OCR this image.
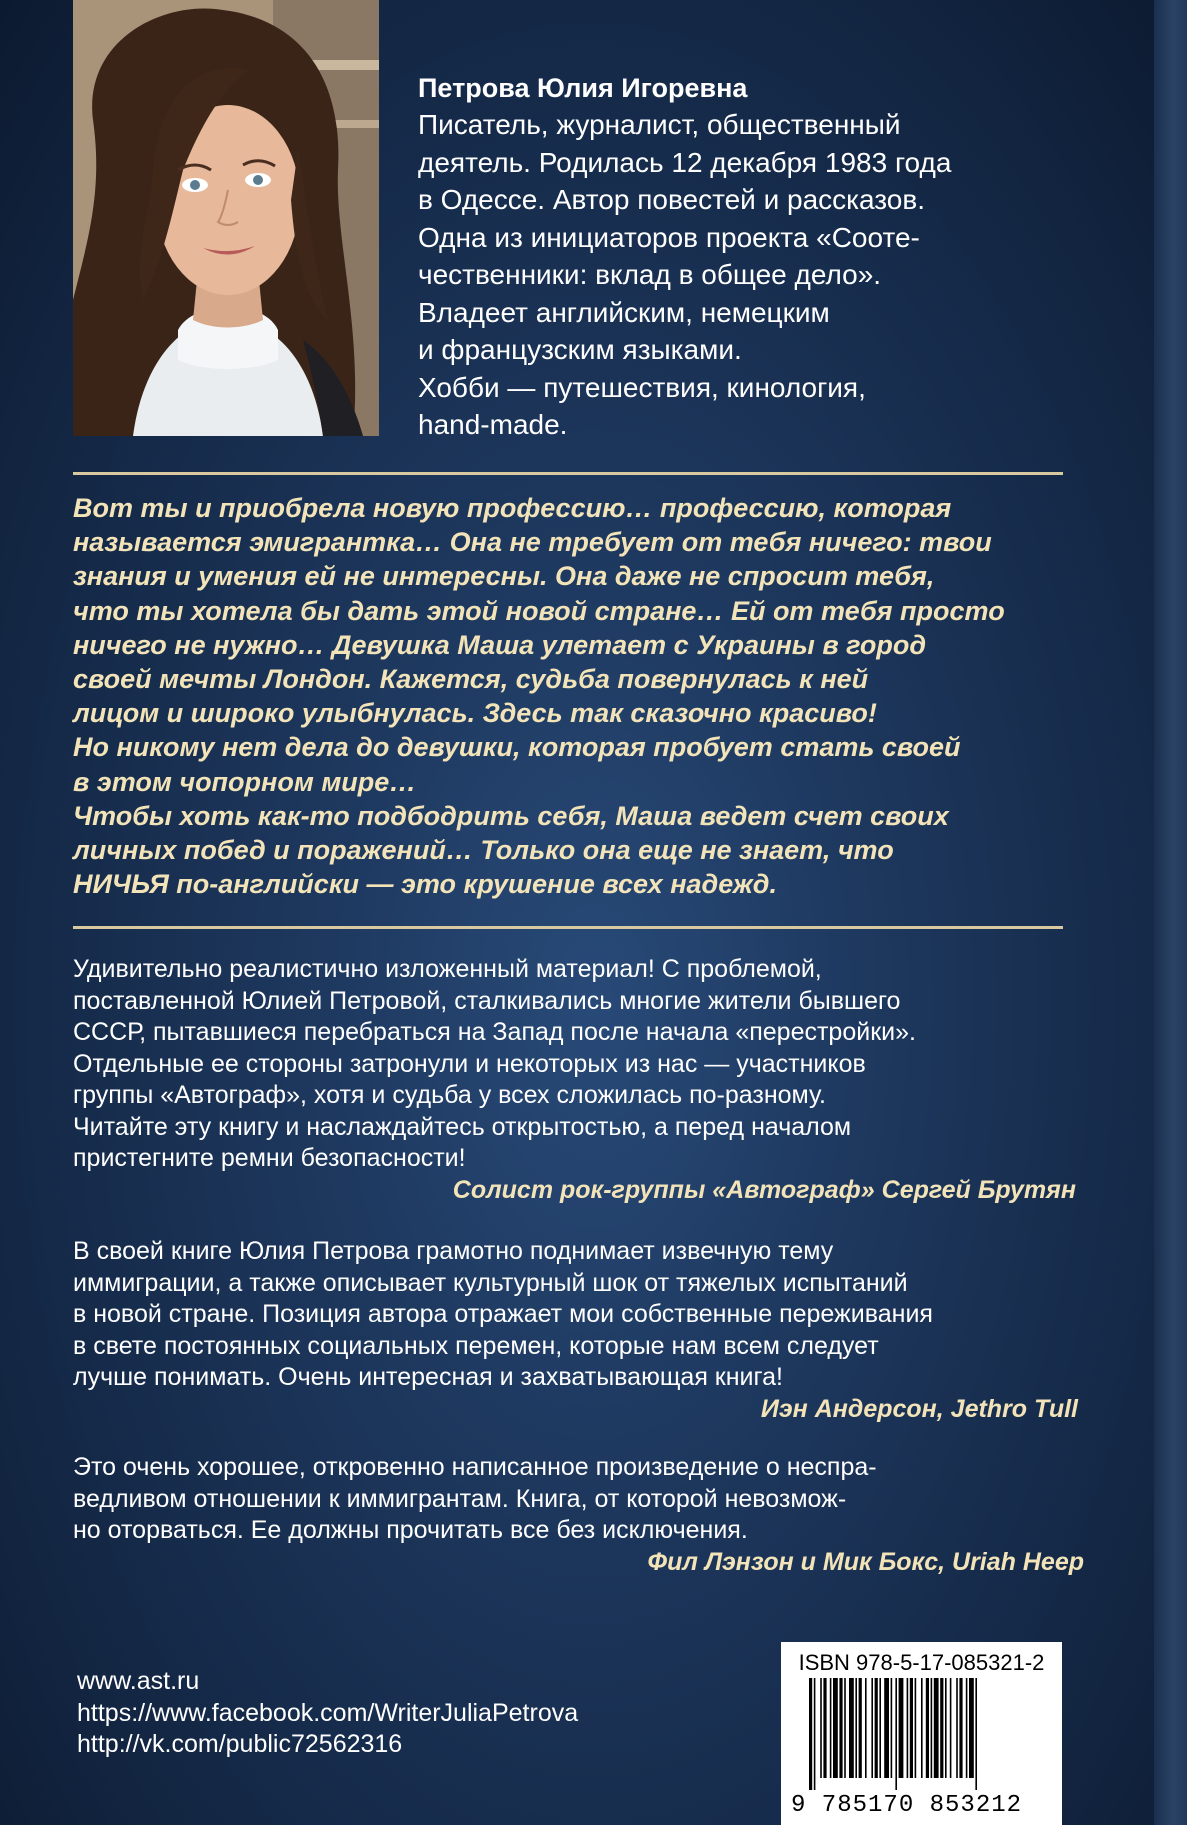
Петрова Юлия Игоревна

Писатель, журналист, общественный
деятель. Родилась 12 декабря 1983 года
в Одессе. Автор повестей и рассказов.
Одна из инициаторов проекта «Сооте-
чественники: вклад в общее дело».
Владеет английским, немецким
и французским языками.
Хобби — путешествия, кинология,
hand-made.

Вот ты и приобрела новую профессию… профессию, которая
называется эмигрантка… Она не требует от тебя ничего: твои
знания и умения ей не интересны. Она даже не спросит тебя,
что ты хотела бы дать этой новой стране… Ей от тебя просто
ничего не нужно… Девушка Маша улетает с Украины в город
своей мечты Лондон. Кажется, судьба повернулась к ней
лицом и широко улыбнулась. Здесь так сказочно красиво!
Но никому нет дела до девушки, которая пробует стать своей
в этом чопорном мире…
Чтобы хоть как-то подбодрить себя, Маша ведет счет своих
личных побед и поражений… Только она еще не знает, что
НИЧЬЯ по-английски — это крушение всех надежд.
Удивительно реалистично изложенный материал! С проблемой,
поставленной Юлией Петровой, сталкивались многие жители бывшего
СССР, пытавшиеся перебраться на Запад после начала «перестройки».
Отдельные ее стороны затронули и некоторых из нас — участников
группы «Автограф», хотя и судьба у всех сложилась по-разному.
Читайте эту книгу и наслаждайтесь открытостью, а перед началом
пристегните ремни безопасности!
Солист рок-группы «Автограф» Сергей Брутян
В своей книге Юлия Петрова грамотно поднимает извечную тему
иммиграции, а также описывает культурный шок от тяжелых испытаний
в новой стране. Позиция автора отражает мои собственные переживания
в свете постоянных социальных перемен, которые нам всем следует
лучше понимать. Очень интересная и захватывающая книга!
Иэн Андерсон, Jethro Tull
Это очень хорошее, откровенно написанное произведение о неспра-
ведливом отношении к иммигрантам. Книга, от которой невозмож-
но оторваться. Ее должны прочитать все без исключения.
Фил Лэнзон и Мик Бокс, Uriah Heep
www.ast.ru
https://www.facebook.com/WriterJuliaPetrova
http://vk.com/public72562316
ISBN 978-5-17-085321-2
9 785170 853212
